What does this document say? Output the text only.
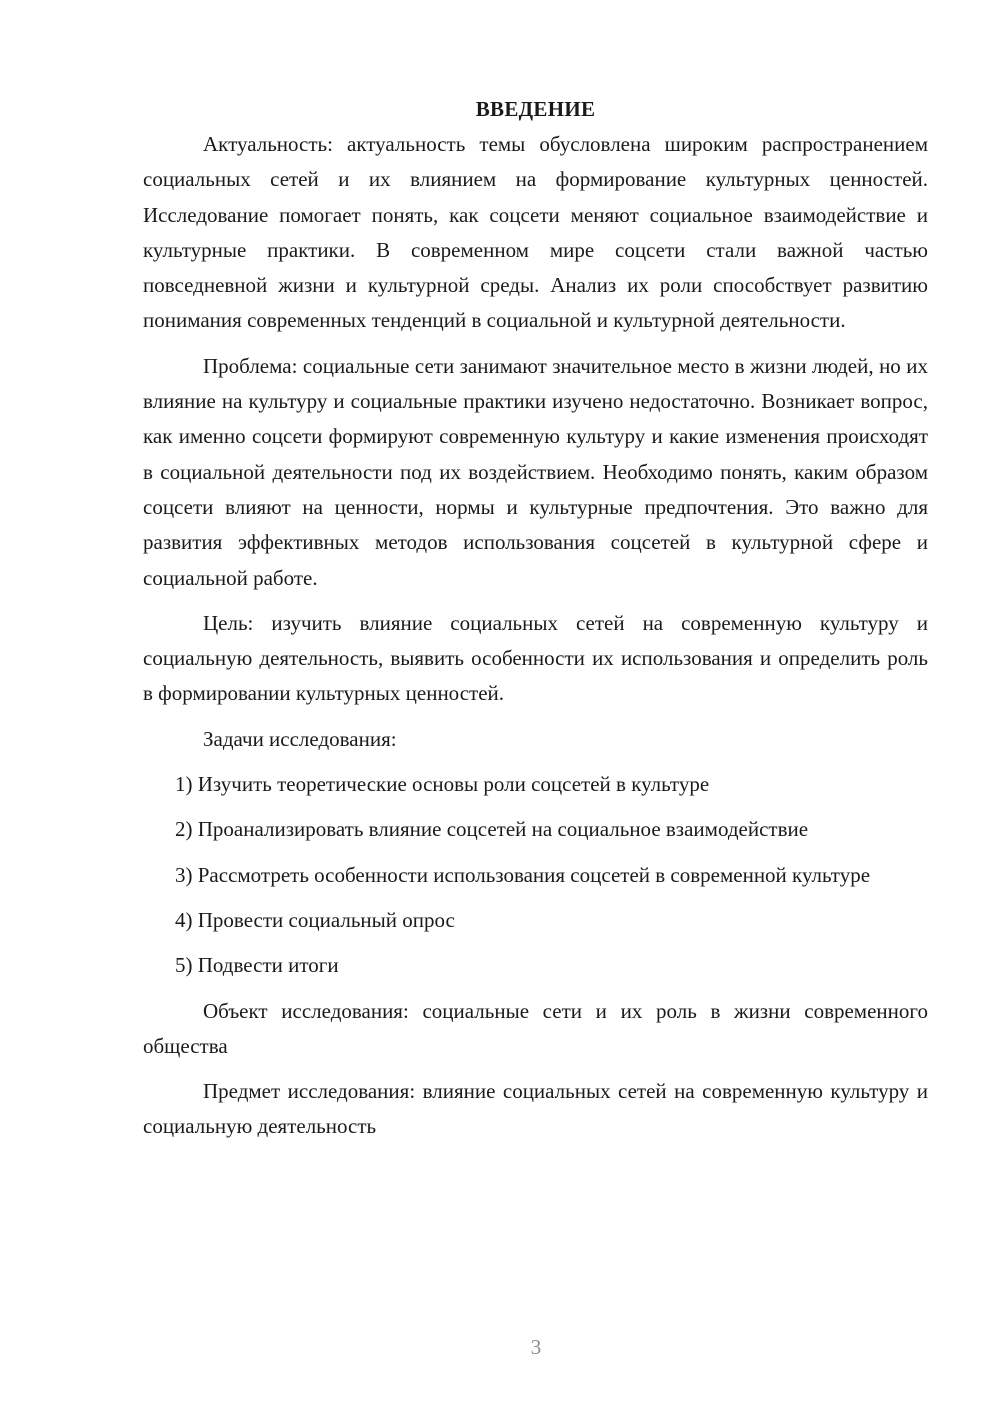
ВВЕДЕНИЕ

Актуальность: актуальность темы обусловлена широким распространением социальных сетей и их влиянием на формирование культурных ценностей. Исследование помогает понять, как соцсети меняют социальное взаимодействие и культурные практики. В современном мире соцсети стали важной частью повседневной жизни и культурной среды. Анализ их роли способствует развитию понимания современных тенденций в социальной и культурной деятельности.

Проблема: социальные сети занимают значительное место в жизни людей, но их влияние на культуру и социальные практики изучено недостаточно. Возникает вопрос, как именно соцсети формируют современную культуру и какие изменения происходят в социальной деятельности под их воздействием. Необходимо понять, каким образом соцсети влияют на ценности, нормы и культурные предпочтения. Это важно для развития эффективных методов использования соцсетей в культурной сфере и социальной работе.

Цель: изучить влияние социальных сетей на современную культуру и социальную деятельность, выявить особенности их использования и определить роль в формировании культурных ценностей.

Задачи исследования:

1) Изучить теоретические основы роли соцсетей в культуре

2) Проанализировать влияние соцсетей на социальное взаимодействие

3) Рассмотреть особенности использования соцсетей в современной культуре

4) Провести социальный опрос

5) Подвести итоги

Объект исследования: социальные сети и их роль в жизни современного общества

Предмет исследования: влияние социальных сетей на современную культуру и социальную деятельность

3
